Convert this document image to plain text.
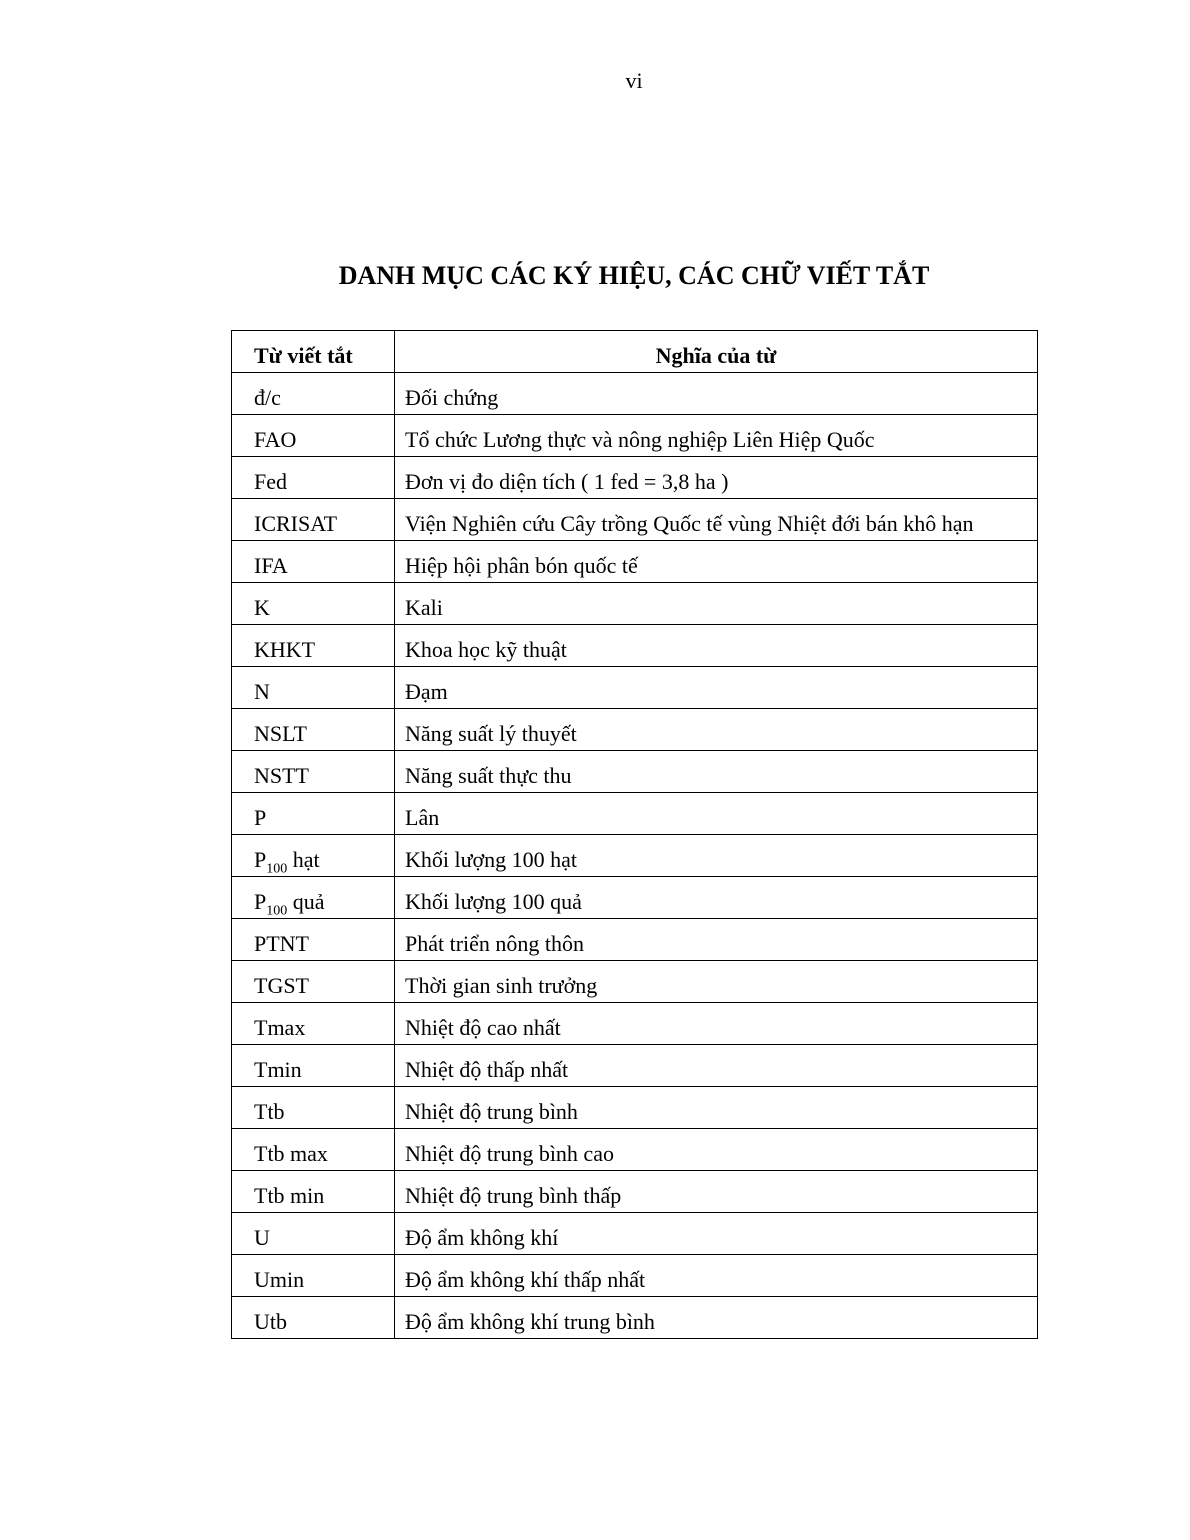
vi
DANH MỤC CÁC KÝ HIỆU, CÁC CHỮ VIẾT TẮT
Từ viết tắt	Nghĩa của từ
đ/c	Đối chứng
FAO	Tổ chức Lương thực và nông nghiệp Liên Hiệp Quốc
Fed	Đơn vị đo diện tích ( 1 fed = 3,8 ha )
ICRISAT	Viện Nghiên cứu Cây trồng Quốc tế vùng Nhiệt đới bán khô hạn
IFA	Hiệp hội phân bón quốc tế
K	Kali
KHKT	Khoa học kỹ thuật
N	Đạm
NSLT	Năng suất lý thuyết
NSTT	Năng suất thực thu
P	Lân
$P_{100}$ hạt	Khối lượng 100 hạt
$P_{100}$ quả	Khối lượng 100 quả
PTNT	Phát triển nông thôn
TGST	Thời gian sinh trưởng
Tmax	Nhiệt độ cao nhất
Tmin	Nhiệt độ thấp nhất
Ttb	Nhiệt độ trung bình
Ttb max	Nhiệt độ trung bình cao
Ttb min	Nhiệt độ trung bình thấp
U	Độ ẩm không khí
Umin	Độ ẩm không khí thấp nhất
Utb	Độ ẩm không khí trung bình
